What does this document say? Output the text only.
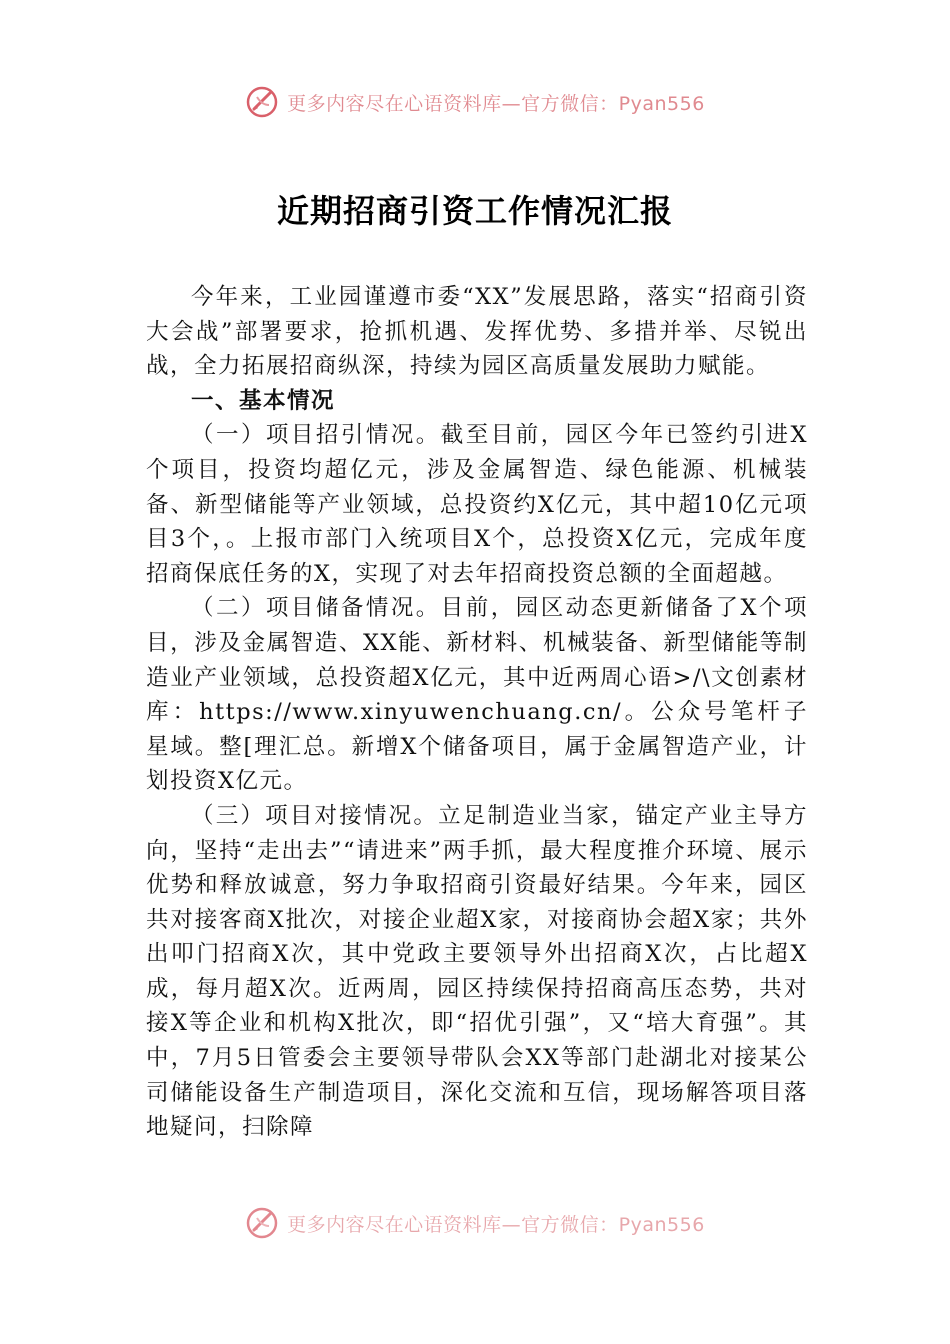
更多内容尽在心语资料库—官方微信：Pyan556
近期招商引资工作情况汇报

今年来，工业园谨遵市委“XX”发展思路，落实“招商引资大会战”部署要求，抢抓机遇、发挥优势、多措并举、尽锐出战，全力拓展招商纵深，持续为园区高质量发展助力赋能。

一、基本情况

（一）项目招引情况。截至目前，园区今年已签约引进X个项目，投资均超亿元，涉及金属智造、绿色能源、机械装备、新型储能等产业领域，总投资约X亿元，其中超10亿元项目3个，。上报市部门入统项目X个，总投资X亿元，完成年度招商保底任务的X，实现了对去年招商投资总额的全面超越。

（二）项目储备情况。目前，园区动态更新储备了X个项目，涉及金属智造、XX能、新材料、机械装备、新型储能等制造业产业领域，总投资超X亿元，其中近两周心语>/\文创素材库：https://www.xinyuwenchuang.cn/。公众号笔杆子星域。整[理汇总。新增X个储备项目，属于金属智造产业，计划投资X亿元。

（三）项目对接情况。立足制造业当家，锚定产业主导方向，坚持“走出去”“请进来”两手抓，最大程度推介环境、展示优势和释放诚意，努力争取招商引资最好结果。今年来，园区共对接客商X批次，对接企业超X家，对接商协会超X家；共外出叩门招商X次，其中党政主要领导外出招商X次，占比超X成，每月超X次。近两周，园区持续保持招商高压态势，共对接X等企业和机构X批次，即“招优引强”，又“培大育强”。其中，7月5日管委会主要领导带队会XX等部门赴湖北对接某公司储能设备生产制造项目，深化交流和互信，现场解答项目落地疑问，扫除障

更多内容尽在心语资料库—官方微信：Pyan556
